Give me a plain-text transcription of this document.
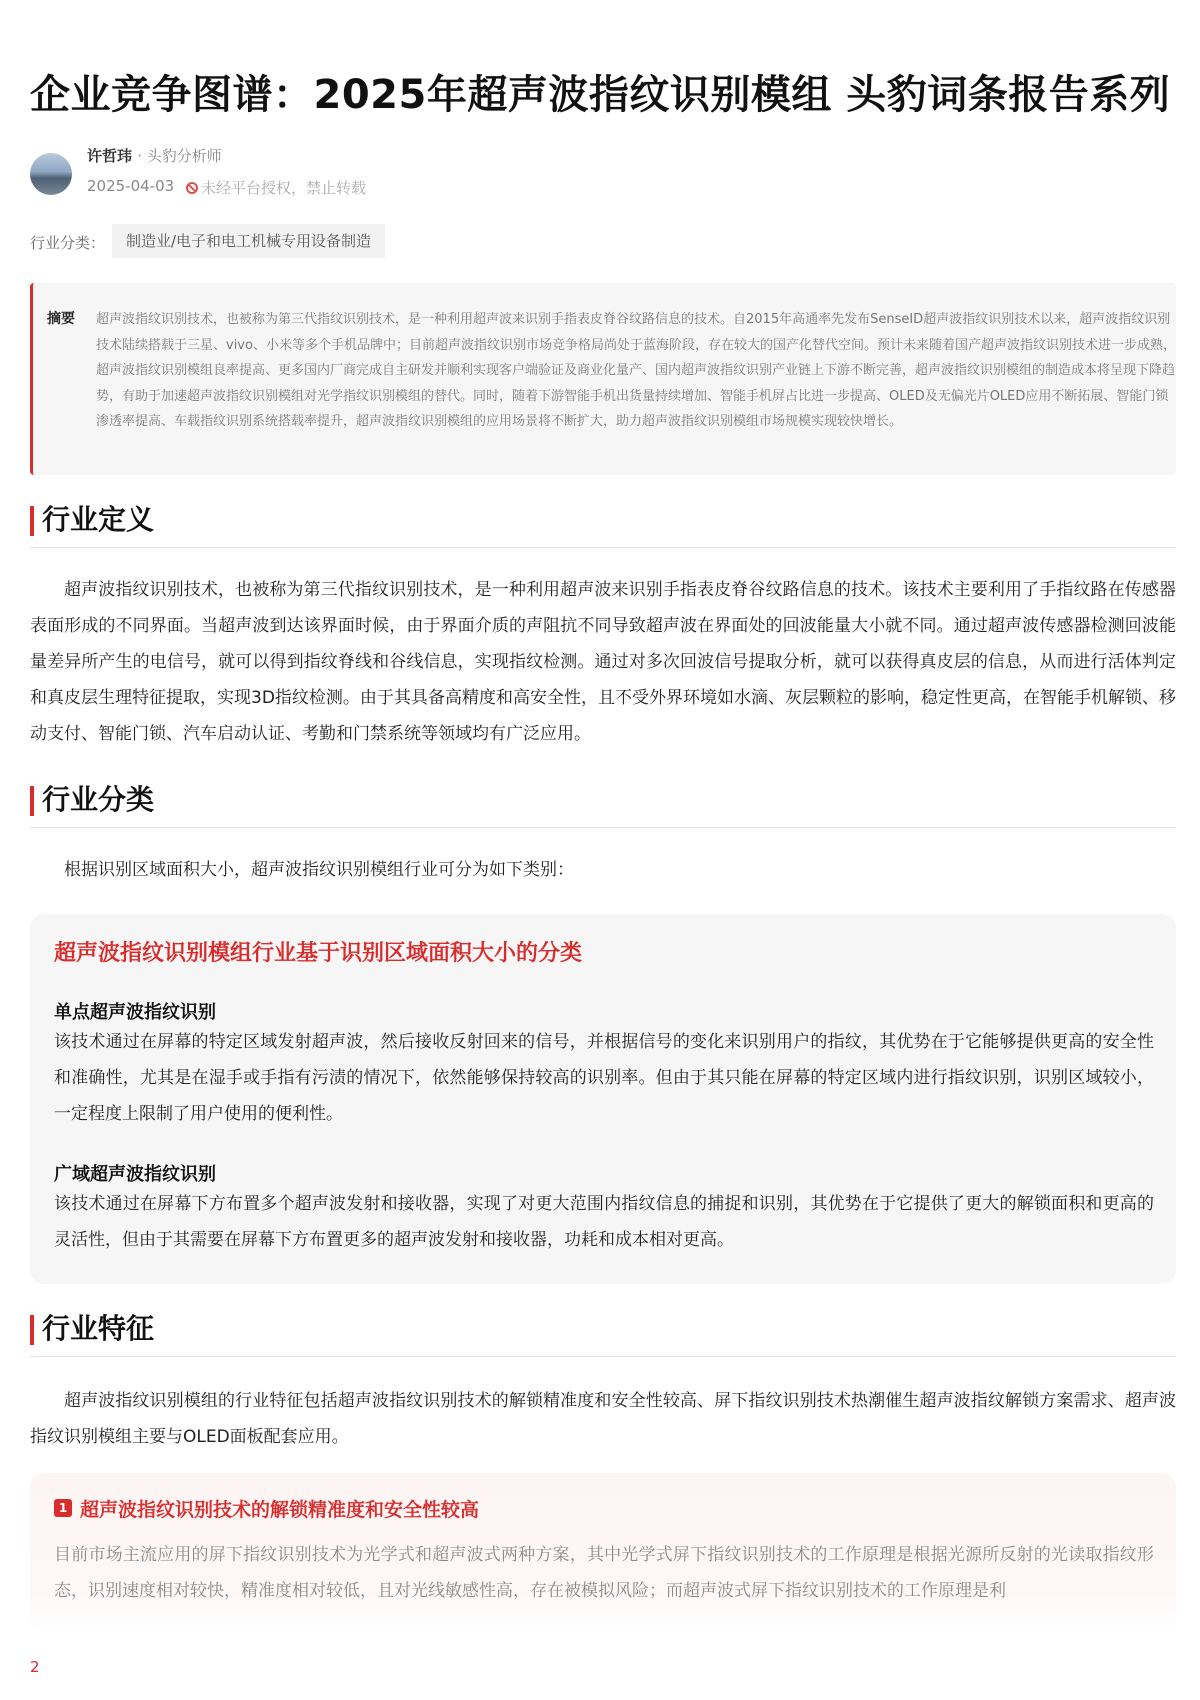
企业竞争图谱：2025年超声波指纹识别模组 头豹词条报告系列
许哲玮 · 头豹分析师
2025-04-03	未经平台授权，禁止转载
行业分类：	制造业/电子和电工机械专用设备制造
摘要 超声波指纹识别技术，也被称为第三代指纹识别技术，是一种利用超声波来识别手指表皮脊谷纹路信息的技术。自2015年高通率先发布SenseID超声波指纹识别技术以来，超声波指纹识别技术陆续搭载于三星、vivo、小米等多个手机品牌中；目前超声波指纹识别市场竞争格局尚处于蓝海阶段，存在较大的国产化替代空间。预计未来随着国产超声波指纹识别技术进一步成熟，超声波指纹识别模组良率提高、更多国内厂商完成自主研发并顺利实现客户端验证及商业化量产、国内超声波指纹识别产业链上下游不断完善，超声波指纹识别模组的制造成本将呈现下降趋势，有助于加速超声波指纹识别模组对光学指纹识别模组的替代。同时，随着下游智能手机出货量持续增加、智能手机屏占比进一步提高、OLED及无偏光片OLED应用不断拓展、智能门锁渗透率提高、车载指纹识别系统搭载率提升，超声波指纹识别模组的应用场景将不断扩大，助力超声波指纹识别模组市场规模实现较快增长。
行业定义

超声波指纹识别技术，也被称为第三代指纹识别技术，是一种利用超声波来识别手指表皮脊谷纹路信息的技术。该技术主要利用了手指纹路在传感器表面形成的不同界面。当超声波到达该界面时候，由于界面介质的声阻抗不同导致超声波在界面处的回波能量大小就不同。通过超声波传感器检测回波能量差异所产生的电信号，就可以得到指纹脊线和谷线信息，实现指纹检测。通过对多次回波信号提取分析，就可以获得真皮层的信息，从而进行活体判定和真皮层生理特征提取，实现3D指纹检测。由于其具备高精度和高安全性，且不受外界环境如水滴、灰层颗粒的影响，稳定性更高，在智能手机解锁、移动支付、智能门锁、汽车启动认证、考勤和门禁系统等领域均有广泛应用。

行业分类

根据识别区域面积大小，超声波指纹识别模组行业可分为如下类别：

超声波指纹识别模组行业基于识别区域面积大小的分类
单点超声波指纹识别
该技术通过在屏幕的特定区域发射超声波，然后接收反射回来的信号，并根据信号的变化来识别用户的指纹，其优势在于它能够提供更高的安全性和准确性，尤其是在湿手或手指有污渍的情况下，依然能够保持较高的识别率。但由于其只能在屏幕的特定区域内进行指纹识别，识别区域较小，一定程度上限制了用户使用的便利性。
广域超声波指纹识别
该技术通过在屏幕下方布置多个超声波发射和接收器，实现了对更大范围内指纹信息的捕捉和识别，其优势在于它提供了更大的解锁面积和更高的灵活性，但由于其需要在屏幕下方布置更多的超声波发射和接收器，功耗和成本相对更高。
行业特征

超声波指纹识别模组的行业特征包括超声波指纹识别技术的解锁精准度和安全性较高、屏下指纹识别技术热潮催生超声波指纹解锁方案需求、超声波指纹识别模组主要与OLED面板配套应用。

1 超声波指纹识别技术的解锁精准度和安全性较高
目前市场主流应用的屏下指纹识别技术为光学式和超声波式两种方案，其中光学式屏下指纹识别技术的工作原理是根据光源所反射的光读取指纹形态，识别速度相对较快，精准度相对较低，且对光线敏感性高，存在被模拟风险；而超声波式屏下指纹识别技术的工作原理是利
2
